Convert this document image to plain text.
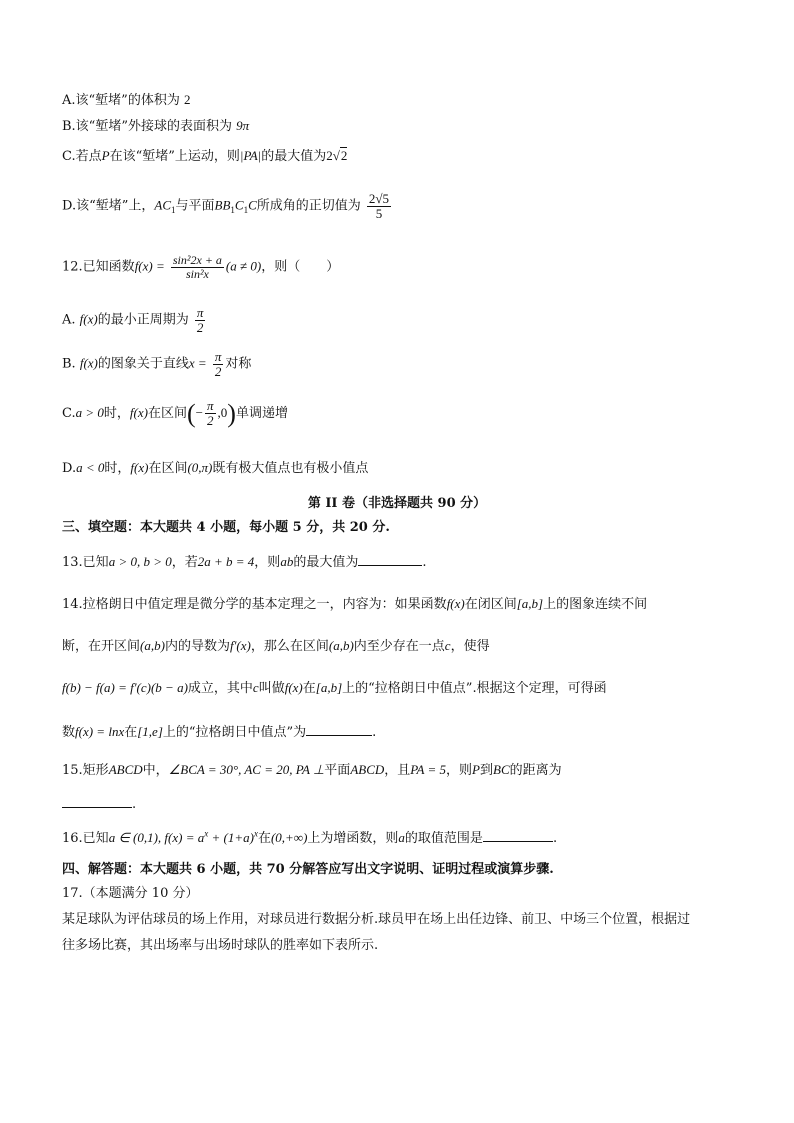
A.该“堑堵”的体积为 2
B.该“堑堵”外接球的表面积为 9π
C.若点P在该“堑堵”上运动，则|PA|的最大值为2√2
D.该“堑堵”上，$AC_1$与平面$BB_1C_1C$所成角的正切值为 $\frac{2√5}{5}$
12.已知函数$f(x) = \frac{\text{sin²2x + a}}{\text{sin²x}} (a \ne 0)$，则（　　）
A. f(x)的最小正周期为 $\frac{\pi}{2}$
B. f(x)的图象关于直线$x = \frac{\pi}{2}$ 对称
C.a > 0时，f(x)在区间(− $\frac{\pi}{2} ,0$)单调递增
D.a < 0时，f(x)在区间(0,π)既有极大值点也有极小值点
第 II 卷（非选择题共 90 分）
三、填空题：本大题共 4 小题，每小题 5 分，共 20 分.
13.已知a > 0, b > 0，若2a + b = 4，则ab的最大值为	.
14.拉格朗日中值定理是微分学的基本定理之一，内容为：如果函数f(x)在闭区间[a,b]上的图象连续不间
断，在开区间(a,b)内的导数为f′(x)，那么在区间(a,b)内至少存在一点c，使得
f(b) − f(a) = f′(c)(b − a)成立，其中c叫做f(x)在[a,b]上的“拉格朗日中值点”.根据这个定理，可得函
数f(x) = lnx在[1,e]上的“拉格朗日中值点”为	.
15.矩形ABCD中，∠BCA = 30°, AC = 20, PA ⊥平面ABCD，且PA = 5，则P到BC的距离为
.
16.已知a ∈ (0,1), $f(x) = a^x + (1+a)^x$在(0,+∞)上为增函数，则a的取值范围是	.
四、解答题：本大题共 6 小题，共 70 分解答应写出文字说明、证明过程或演算步骤.
17.（本题满分 10 分）
某足球队为评估球员的场上作用，对球员进行数据分析.球员甲在场上出任边锋、前卫、中场三个位置，根据过
往多场比赛，其出场率与出场时球队的胜率如下表所示.
